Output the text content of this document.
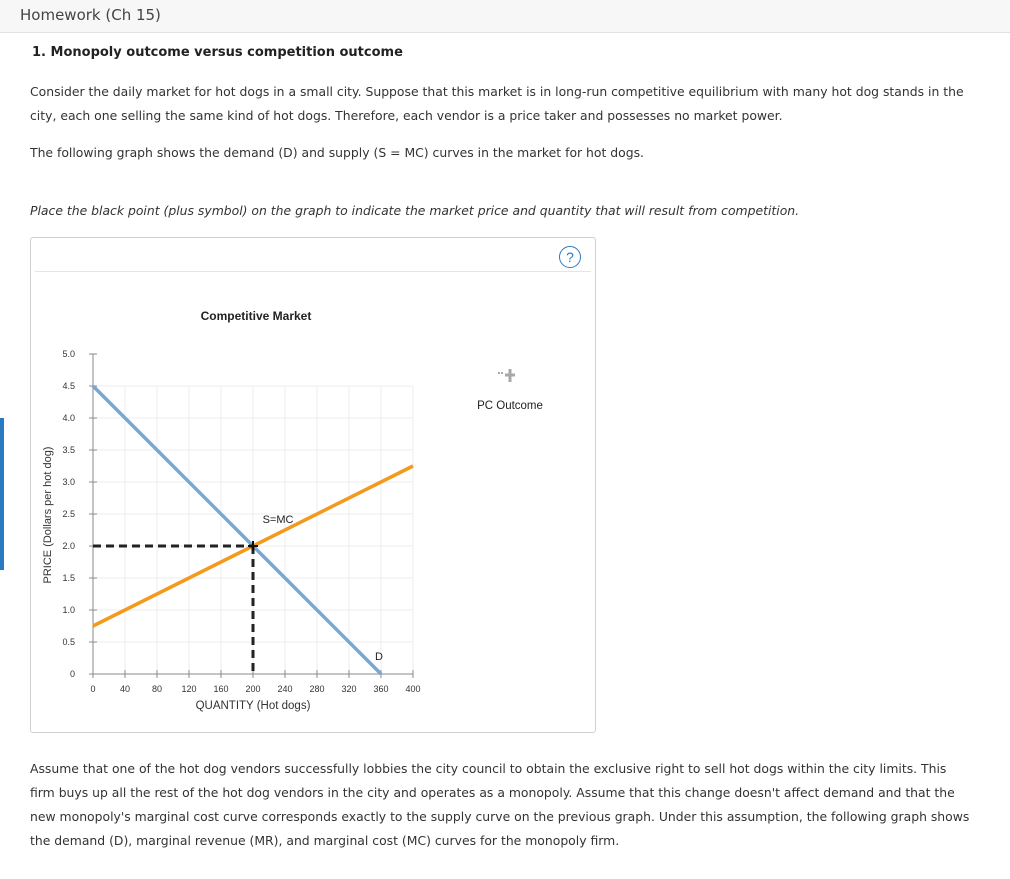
Homework (Ch 15)
1. Monopoly outcome versus competition outcome
Consider the daily market for hot dogs in a small city. Suppose that this market is in long-run competitive equilibrium with many hot dog stands in the city, each one selling the same kind of hot dogs. Therefore, each vendor is a price taker and possesses no market power.
The following graph shows the demand (D) and supply (S = MC) curves in the market for hot dogs.
Place the black point (plus symbol) on the graph to indicate the market price and quantity that will result from competition.
?
Competitive Market
0	40 80 120 160 200 240 280 320 360 400
0
0.5
1.0
1.5
2.0
2.5
3.0
3.5
4.0
4.5
5.0
D
S=MC
QUANTITY (Hot dogs)
PRICE (Dollars per hot dog)
PC Outcome
Assume that one of the hot dog vendors successfully lobbies the city council to obtain the exclusive right to sell hot dogs within the city limits. This firm buys up all the rest of the hot dog vendors in the city and operates as a monopoly. Assume that this change doesn't affect demand and that the new monopoly's marginal cost curve corresponds exactly to the supply curve on the previous graph. Under this assumption, the following graph shows the demand (D), marginal revenue (MR), and marginal cost (MC) curves for the monopoly firm.
